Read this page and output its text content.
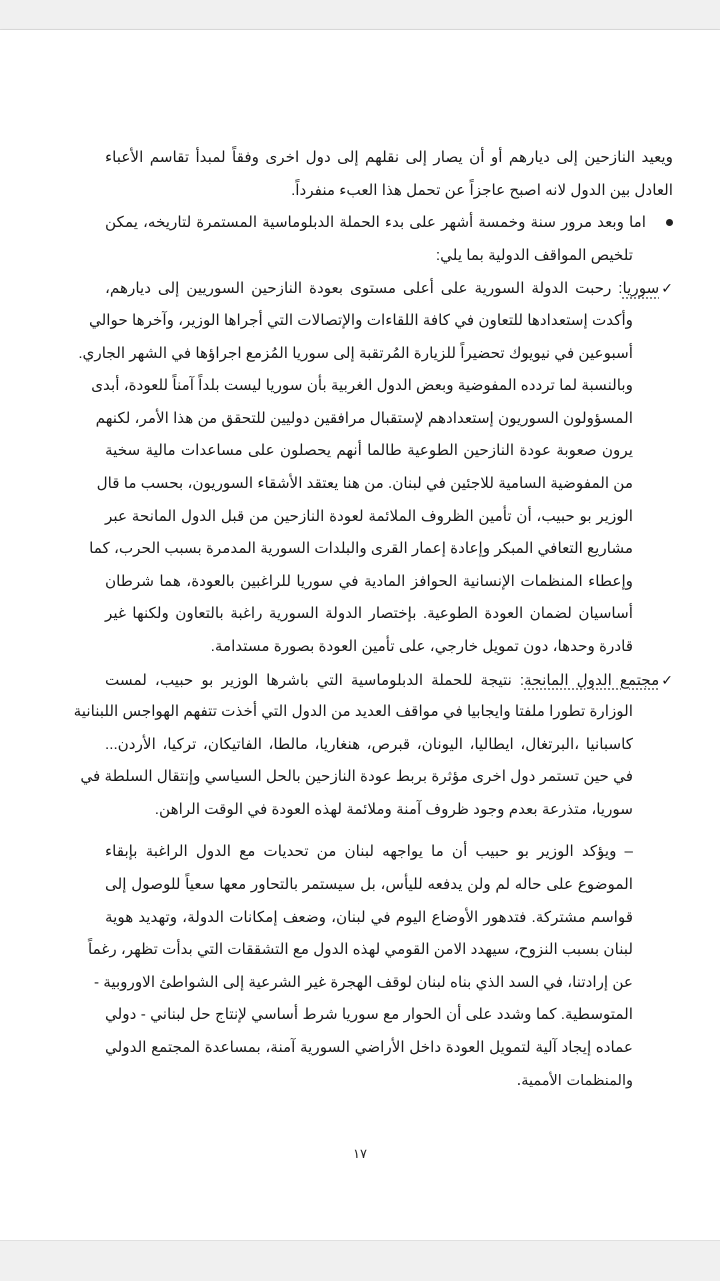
ويعيد النازحين إلى ديارهم أو أن يصار إلى نقلهم إلى دول اخرى وفقاً لمبدأ تقاسم الأعباء
العادل بين الدول لانه اصبح عاجزاً عن تحمل هذا العبء منفرداً.
اما وبعد مرور سنة وخمسة أشهر على بدء الحملة الدبلوماسية المستمرة لتاريخه، يمكن
تلخيص المواقف الدولية بما يلي:
✓سوريا: رحبت الدولة السورية على أعلى مستوى بعودة النازحين السوريين إلى ديارهم،
وأكدت إستعدادها للتعاون في كافة اللقاءات والإتصالات التي أجراها الوزير، وآخرها حوالي
أسبوعين في نيويوك تحضيراً للزيارة المُرتقبة إلى سوريا المُزمع اجراؤها في الشهر الجاري.
وبالنسبة لما تردده المفوضية وبعض الدول الغربية بأن سوريا ليست بلداً آمناً للعودة، أبدى
المسؤولون السوريون إستعدادهم لإستقبال مرافقين دوليين للتحقق من هذا الأمر، لكنهم
يرون صعوبة عودة النازحين الطوعية طالما أنهم يحصلون على مساعدات مالية سخية
من المفوضية السامية للاجئين في لبنان. من هنا يعتقد الأشقاء السوريون، بحسب ما قال
الوزير بو حبيب، أن تأمين الظروف الملائمة لعودة النازحين من قبل الدول المانحة عبر
مشاريع التعافي المبكر وإعادة إعمار القرى والبلدات السورية المدمرة بسبب الحرب، كما
وإعطاء المنظمات الإنسانية الحوافز المادية في سوريا للراغبين بالعودة، هما شرطان
أساسيان لضمان العودة الطوعية. بإختصار الدولة السورية راغبة بالتعاون ولكنها غير
قادرة وحدها، دون تمويل خارجي، على تأمين العودة بصورة مستدامة.
✓مجتمع الدول المانحة: نتيجة للحملة الدبلوماسية التي باشرها الوزير بو حبيب، لمست
الوزارة تطورا ملفتا وايجابيا في مواقف العديد من الدول التي أخذت تتفهم الهواجس اللبنانية
كاسبانيا ،البرتغال، ايطاليا، اليونان، قبرص، هنغاريا، مالطا، الفاتيكان، تركيا، الأردن...
في حين تستمر دول اخرى مؤثرة بربط عودة النازحين بالحل السياسي وإنتقال السلطة في
سوريا، متذرعة بعدم وجود ظروف آمنة وملائمة لهذه العودة في الوقت الراهن.
– ويؤكد الوزير بو حبيب أن ما يواجهه لبنان من تحديات مع الدول الراغبة بإبقاء
الموضوع على حاله لم ولن يدفعه لليأس، بل سيستمر بالتحاور معها سعياً للوصول إلى
قواسم مشتركة. فتدهور الأوضاع اليوم في لبنان، وضعف إمكانات الدولة، وتهديد هوية
لبنان بسبب النزوح، سيهدد الامن القومي لهذه الدول مع التشققات التي بدأت تظهر، رغماً
عن إرادتنا، في السد الذي بناه لبنان لوقف الهجرة غير الشرعية إلى الشواطئ الاوروبية -
المتوسطية. كما وشدد على أن الحوار مع سوريا شرط أساسي لإنتاج حل لبناني - دولي
عماده إيجاد آلية لتمويل العودة داخل الأراضي السورية آمنة، بمساعدة المجتمع الدولي
والمنظمات الأممية.
١٧
